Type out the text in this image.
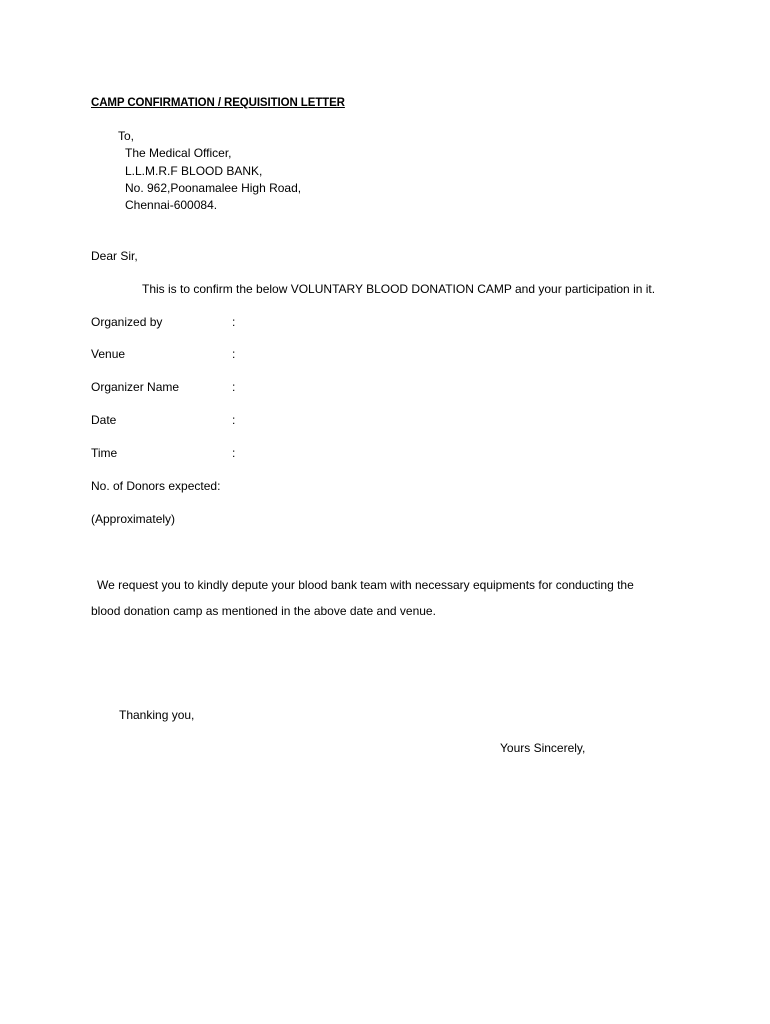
CAMP CONFIRMATION / REQUISITION LETTER
To,
The Medical Officer,
L.L.M.R.F BLOOD BANK,
No. 962,Poonamalee High Road,
Chennai-600084.
Dear Sir,
This is to confirm the below VOLUNTARY BLOOD DONATION CAMP and your participation in it.
Organized by	:
Venue	:
Organizer Name	:
Date	:
Time	:
No. of Donors expected:
(Approximately)
We request you to kindly depute your blood bank team with necessary equipments for conducting the
blood donation camp as mentioned in the above date and venue.
Thanking you,
Yours Sincerely,
